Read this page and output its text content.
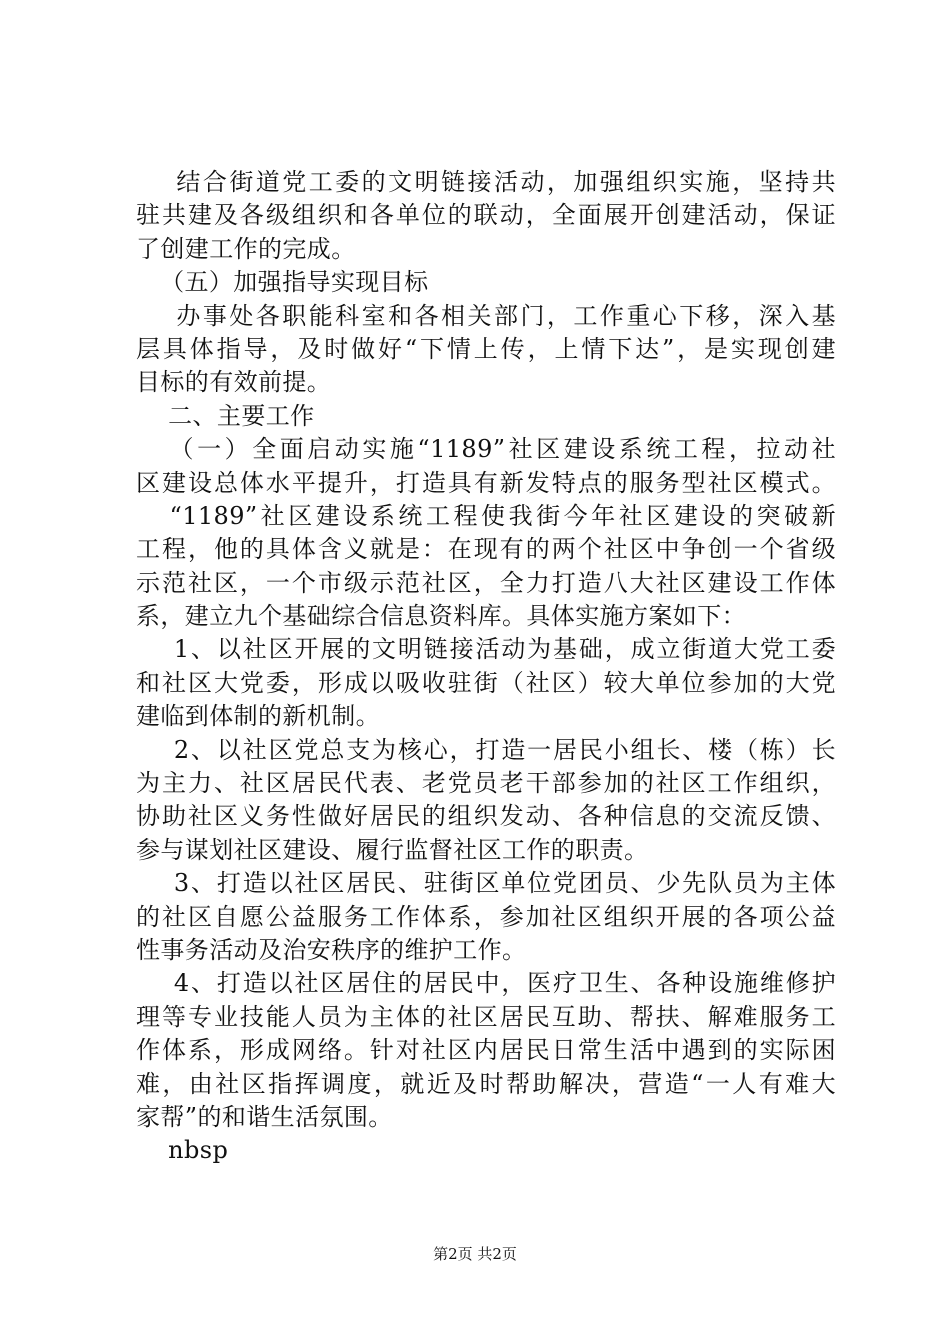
结合街道党工委的文明链接活动，加强组织实施，坚持共
驻共建及各级组织和各单位的联动，全面展开创建活动，保证
了创建工作的完成。
（五）加强指导实现目标
办事处各职能科室和各相关部门，工作重心下移，深入基
层具体指导，及时做好“下情上传，上情下达”，是实现创建
目标的有效前提。
二、主要工作
（一）全面启动实施“1189”社区建设系统工程，拉动社
区建设总体水平提升，打造具有新发特点的服务型社区模式。
“1189”社区建设系统工程使我街今年社区建设的突破新
工程，他的具体含义就是：在现有的两个社区中争创一个省级
示范社区，一个市级示范社区，全力打造八大社区建设工作体
系，建立九个基础综合信息资料库。具体实施方案如下：
1、以社区开展的文明链接活动为基础，成立街道大党工委
和社区大党委，形成以吸收驻街（社区）较大单位参加的大党
建临到体制的新机制。
2、以社区党总支为核心，打造一居民小组长、楼（栋）长
为主力、社区居民代表、老党员老干部参加的社区工作组织，
协助社区义务性做好居民的组织发动、各种信息的交流反馈、
参与谋划社区建设、履行监督社区工作的职责。
3、打造以社区居民、驻街区单位党团员、少先队员为主体
的社区自愿公益服务工作体系，参加社区组织开展的各项公益
性事务活动及治安秩序的维护工作。
4、打造以社区居住的居民中，医疗卫生、各种设施维修护
理等专业技能人员为主体的社区居民互助、帮扶、解难服务工
作体系，形成网络。针对社区内居民日常生活中遇到的实际困
难，由社区指挥调度，就近及时帮助解决，营造“一人有难大
家帮”的和谐生活氛围。
nbsp
第2页 共2页
